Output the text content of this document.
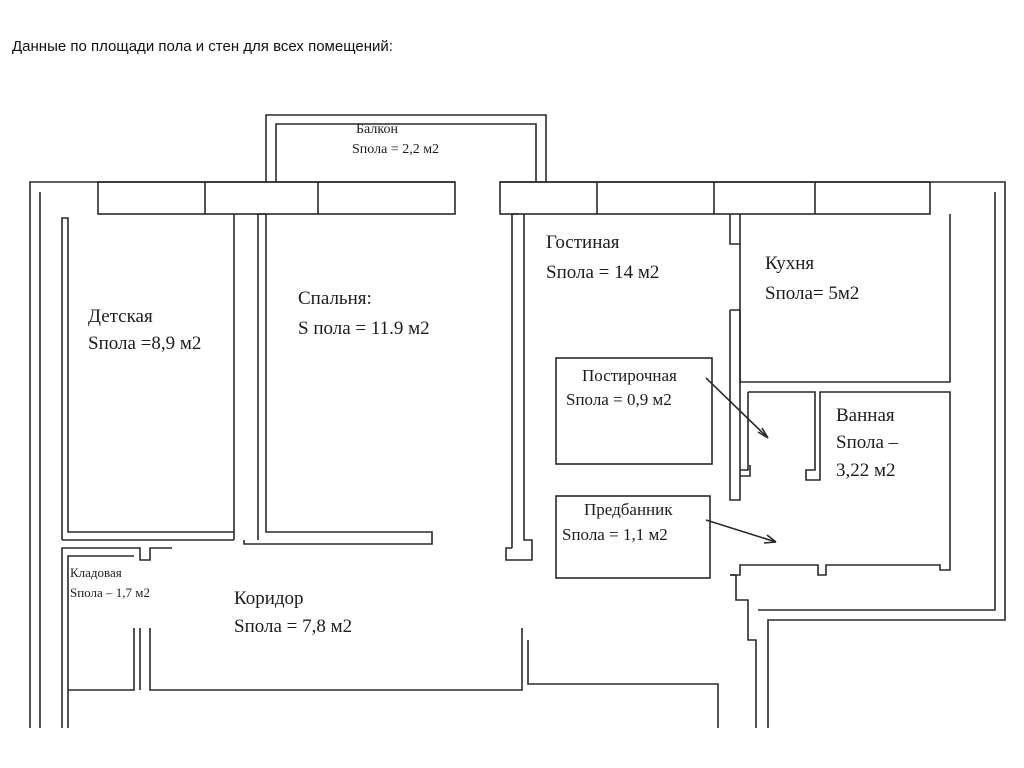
Данные по площади пола и стен для всех помещений:
Балкон
Sпола = 2,2 м2
Гостиная
Sпола = 14 м2	Кухня
Sпола= 5м2
Детская
Sпола =8,9 м2
Спальня:
S пола = 11.9 м2
Постирочная
Sпола = 0,9 м2
Ванная
Sпола –
3,22 м2
Предбанник
Sпола = 1,1 м2
Кладовая
Sпола – 1,7 м2	Коридор
Sпола = 7,8 м2
